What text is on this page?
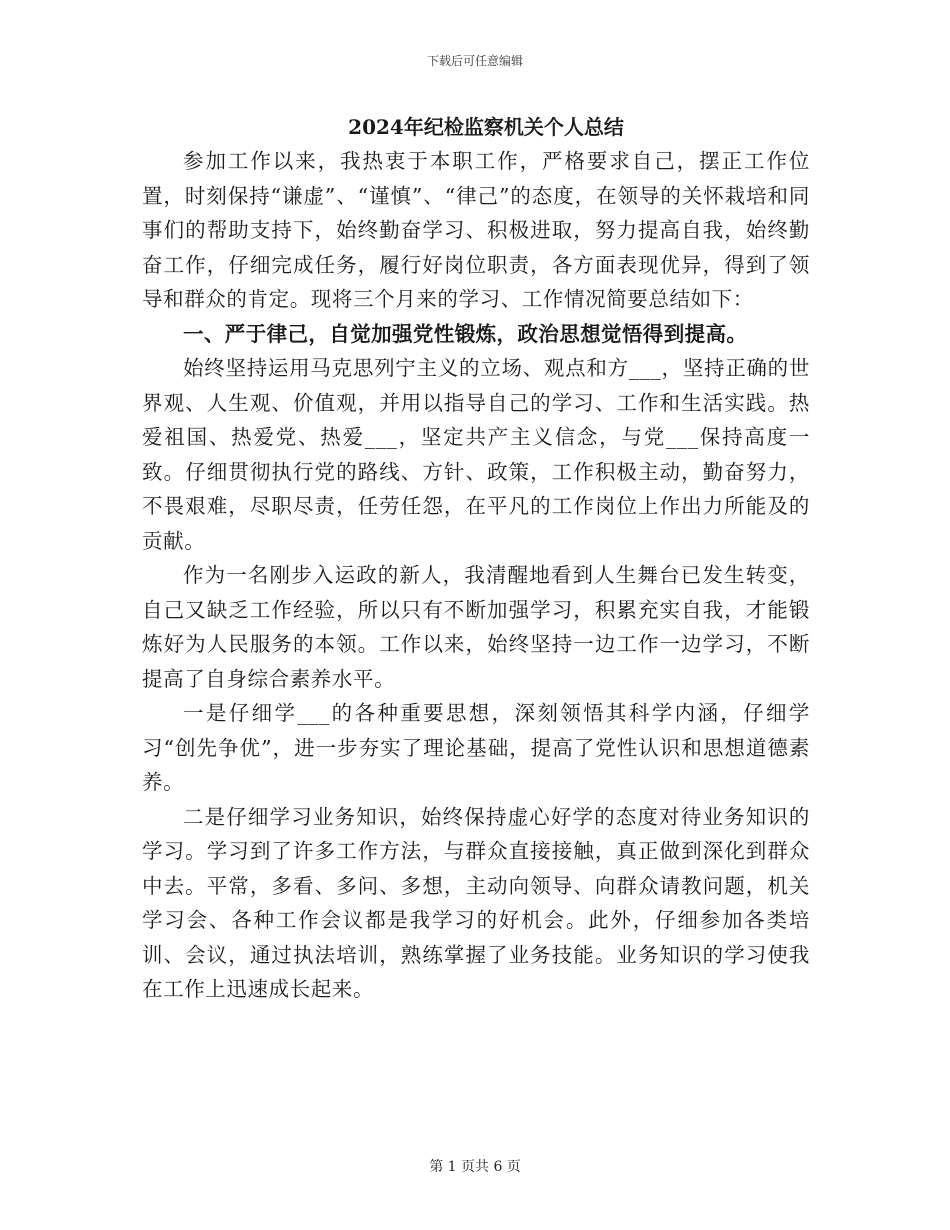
下载后可任意编辑
2024年纪检监察机关个人总结

参加工作以来，我热衷于本职工作，严格要求自己，摆正工作位置，时刻保持“谦虚”、“谨慎”、“律己”的态度，在领导的关怀栽培和同事们的帮助支持下，始终勤奋学习、积极进取，努力提高自我，始终勤奋工作，仔细完成任务，履行好岗位职责，各方面表现优异，得到了领导和群众的肯定。现将三个月来的学习、工作情况简要总结如下：

一、严于律己，自觉加强党性锻炼，政治思想觉悟得到提高。

始终坚持运用马克思列宁主义的立场、观点和方___，坚持正确的世界观、人生观、价值观，并用以指导自己的学习、工作和生活实践。热爱祖国、热爱党、热爱___，坚定共产主义信念，与党___保持高度一致。仔细贯彻执行党的路线、方针、政策，工作积极主动，勤奋努力，不畏艰难，尽职尽责，任劳任怨，在平凡的工作岗位上作出力所能及的贡献。

作为一名刚步入运政的新人，我清醒地看到人生舞台已发生转变，自己又缺乏工作经验，所以只有不断加强学习，积累充实自我，才能锻炼好为人民服务的本领。工作以来，始终坚持一边工作一边学习，不断提高了自身综合素养水平。

一是仔细学___的各种重要思想，深刻领悟其科学内涵，仔细学习“创先争优”，进一步夯实了理论基础，提高了党性认识和思想道德素养。

二是仔细学习业务知识，始终保持虚心好学的态度对待业务知识的学习。学习到了许多工作方法，与群众直接接触，真正做到深化到群众中去。平常，多看、多问、多想，主动向领导、向群众请教问题，机关学习会、各种工作会议都是我学习的好机会。此外，仔细参加各类培训、会议，通过执法培训，熟练掌握了业务技能。业务知识的学习使我在工作上迅速成长起来。

第 1 页共 6 页
